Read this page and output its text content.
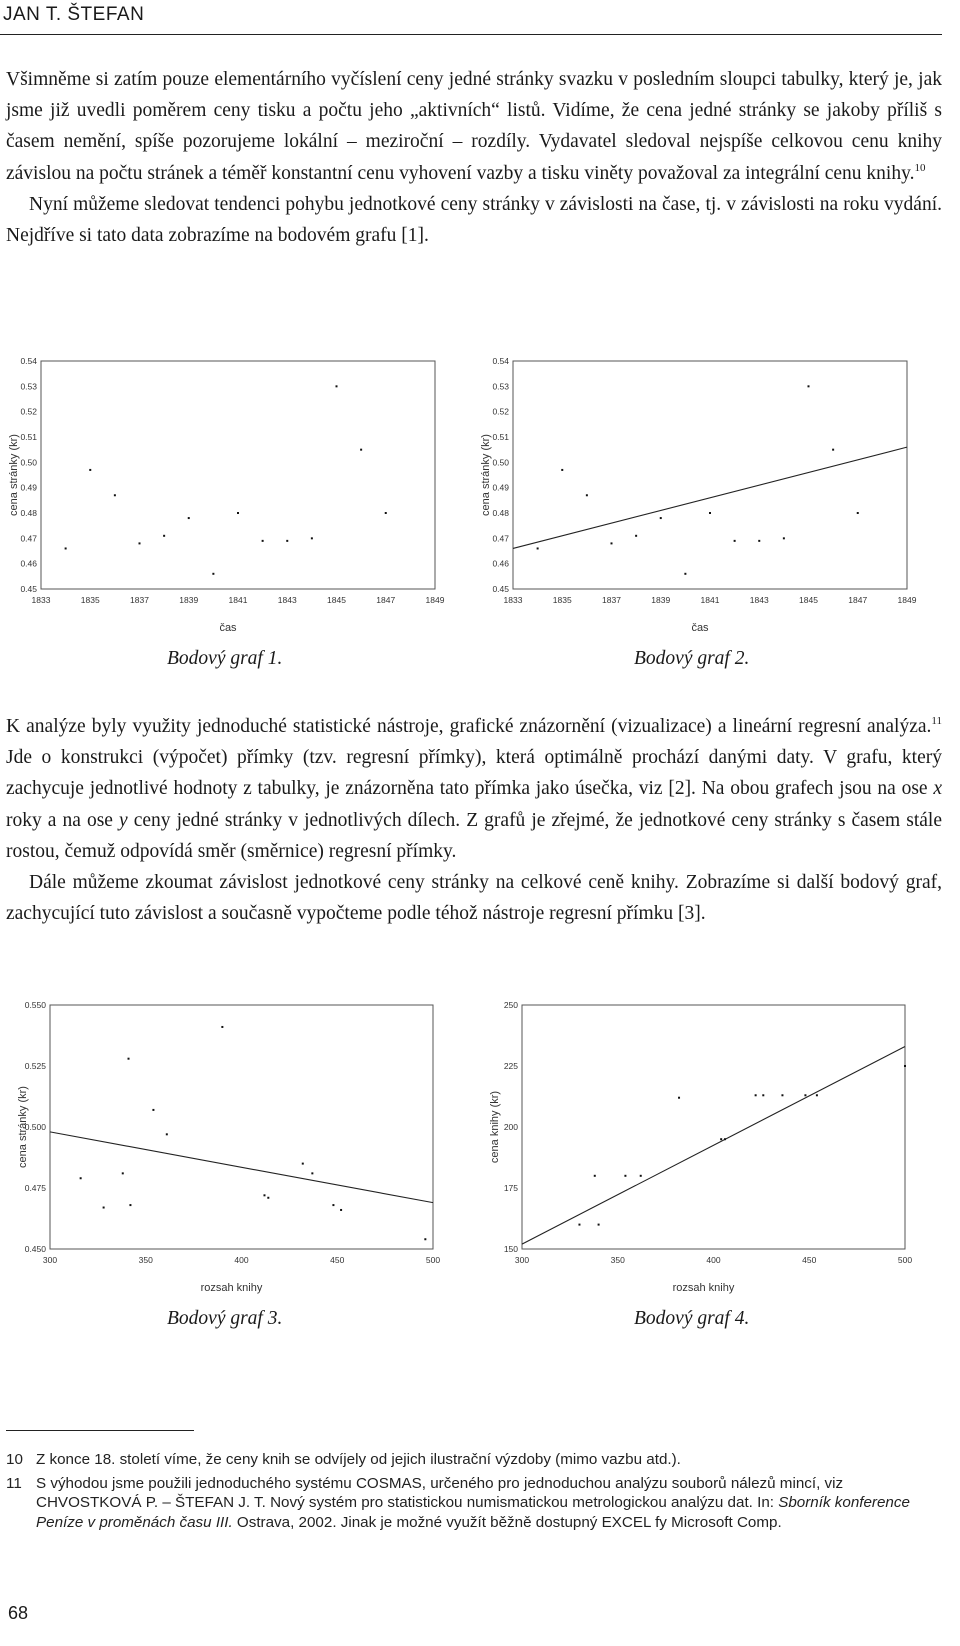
JAN T. ŠTEFAN

Všimněme si zatím pouze elementárního vyčíslení ceny jedné stránky svazku v posledním sloupci tabulky, který je, jak jsme již uvedli poměrem ceny tisku a počtu jeho „aktivních“ listů. Vidíme, že cena jedné stránky se jakoby příliš s časem nemění, spíše pozorujeme lokální – meziroční – rozdíly. Vydavatel sledoval nejspíše celkovou cenu knihy závislou na počtu stránek a téměř konstantní cenu vyhovení vazby a tisku viněty považoval za integrální cenu knihy.$^{10}$

Nyní můžeme sledovat tendenci pohybu jednotkové ceny stránky v závislosti na čase, tj. v závislosti na roku vydání. Nejdříve si tato data zobrazíme na bodovém grafu [1].

0.45
0.46
0.47
0.48
0.49
0.50
0.51
0.52
0.53
0.54
1833	1835	1837	1839	1841	1843	1845	1847	1849
čas
cena stránky (kr)
0.45
0.46
0.47
0.48
0.49
0.50
0.51
0.52
0.53
0.54
1833	1835	1837	1839	1841	1843	1845	1847	1849
čas
cena stránky (kr)
Bodový graf 1.	Bodový graf 2.

K analýze byly využity jednoduché statistické nástroje, grafické znázornění (vizualizace) a lineární regresní analýza.$^{11}$ Jde o konstrukci (výpočet) přímky (tzv. regresní přímky), která optimálně prochází danými daty. V grafu, který zachycuje jednotlivé hodnoty z tabulky, je znázorněna tato přímka jako úsečka, viz [2]. Na obou grafech jsou na ose x roky a na ose y ceny jedné stránky v jednotlivých dílech. Z grafů je zřejmé, že jednotkové ceny stránky s časem stále rostou, čemuž odpovídá směr (směrnice) regresní přímky.

Dále můžeme zkoumat závislost jednotkové ceny stránky na celkové ceně knihy. Zobrazíme si další bodový graf, zachycující tuto závislost a současně vypočteme podle téhož nástroje regresní přímku [3].

0.450
0.475
0.500
0.525
0.550
300	350	400	450	500
rozsah knihy
cena stránky (kr)
150
175
200
225
250
300	350	400	450	500
rozsah knihy
cena knihy (kr)
Bodový graf 3.	Bodový graf 4.
10 Z konce 18. století víme, že ceny knih se odvíjely od jejich ilustrační výzdoby (mimo vazbu atd.).
11 S výhodou jsme použili jednoduchého systému COSMAS, určeného pro jednoduchou analýzu souborů nálezů mincí, viz CHVOSTKOVÁ P. – ŠTEFAN J. T. Nový systém pro statistickou numismatickou metrologickou analýzu dat. In: Sborník konference Peníze v proměnách času III. Ostrava, 2002. Jinak je možné využít běžně dostupný EXCEL fy Microsoft Comp.
68
